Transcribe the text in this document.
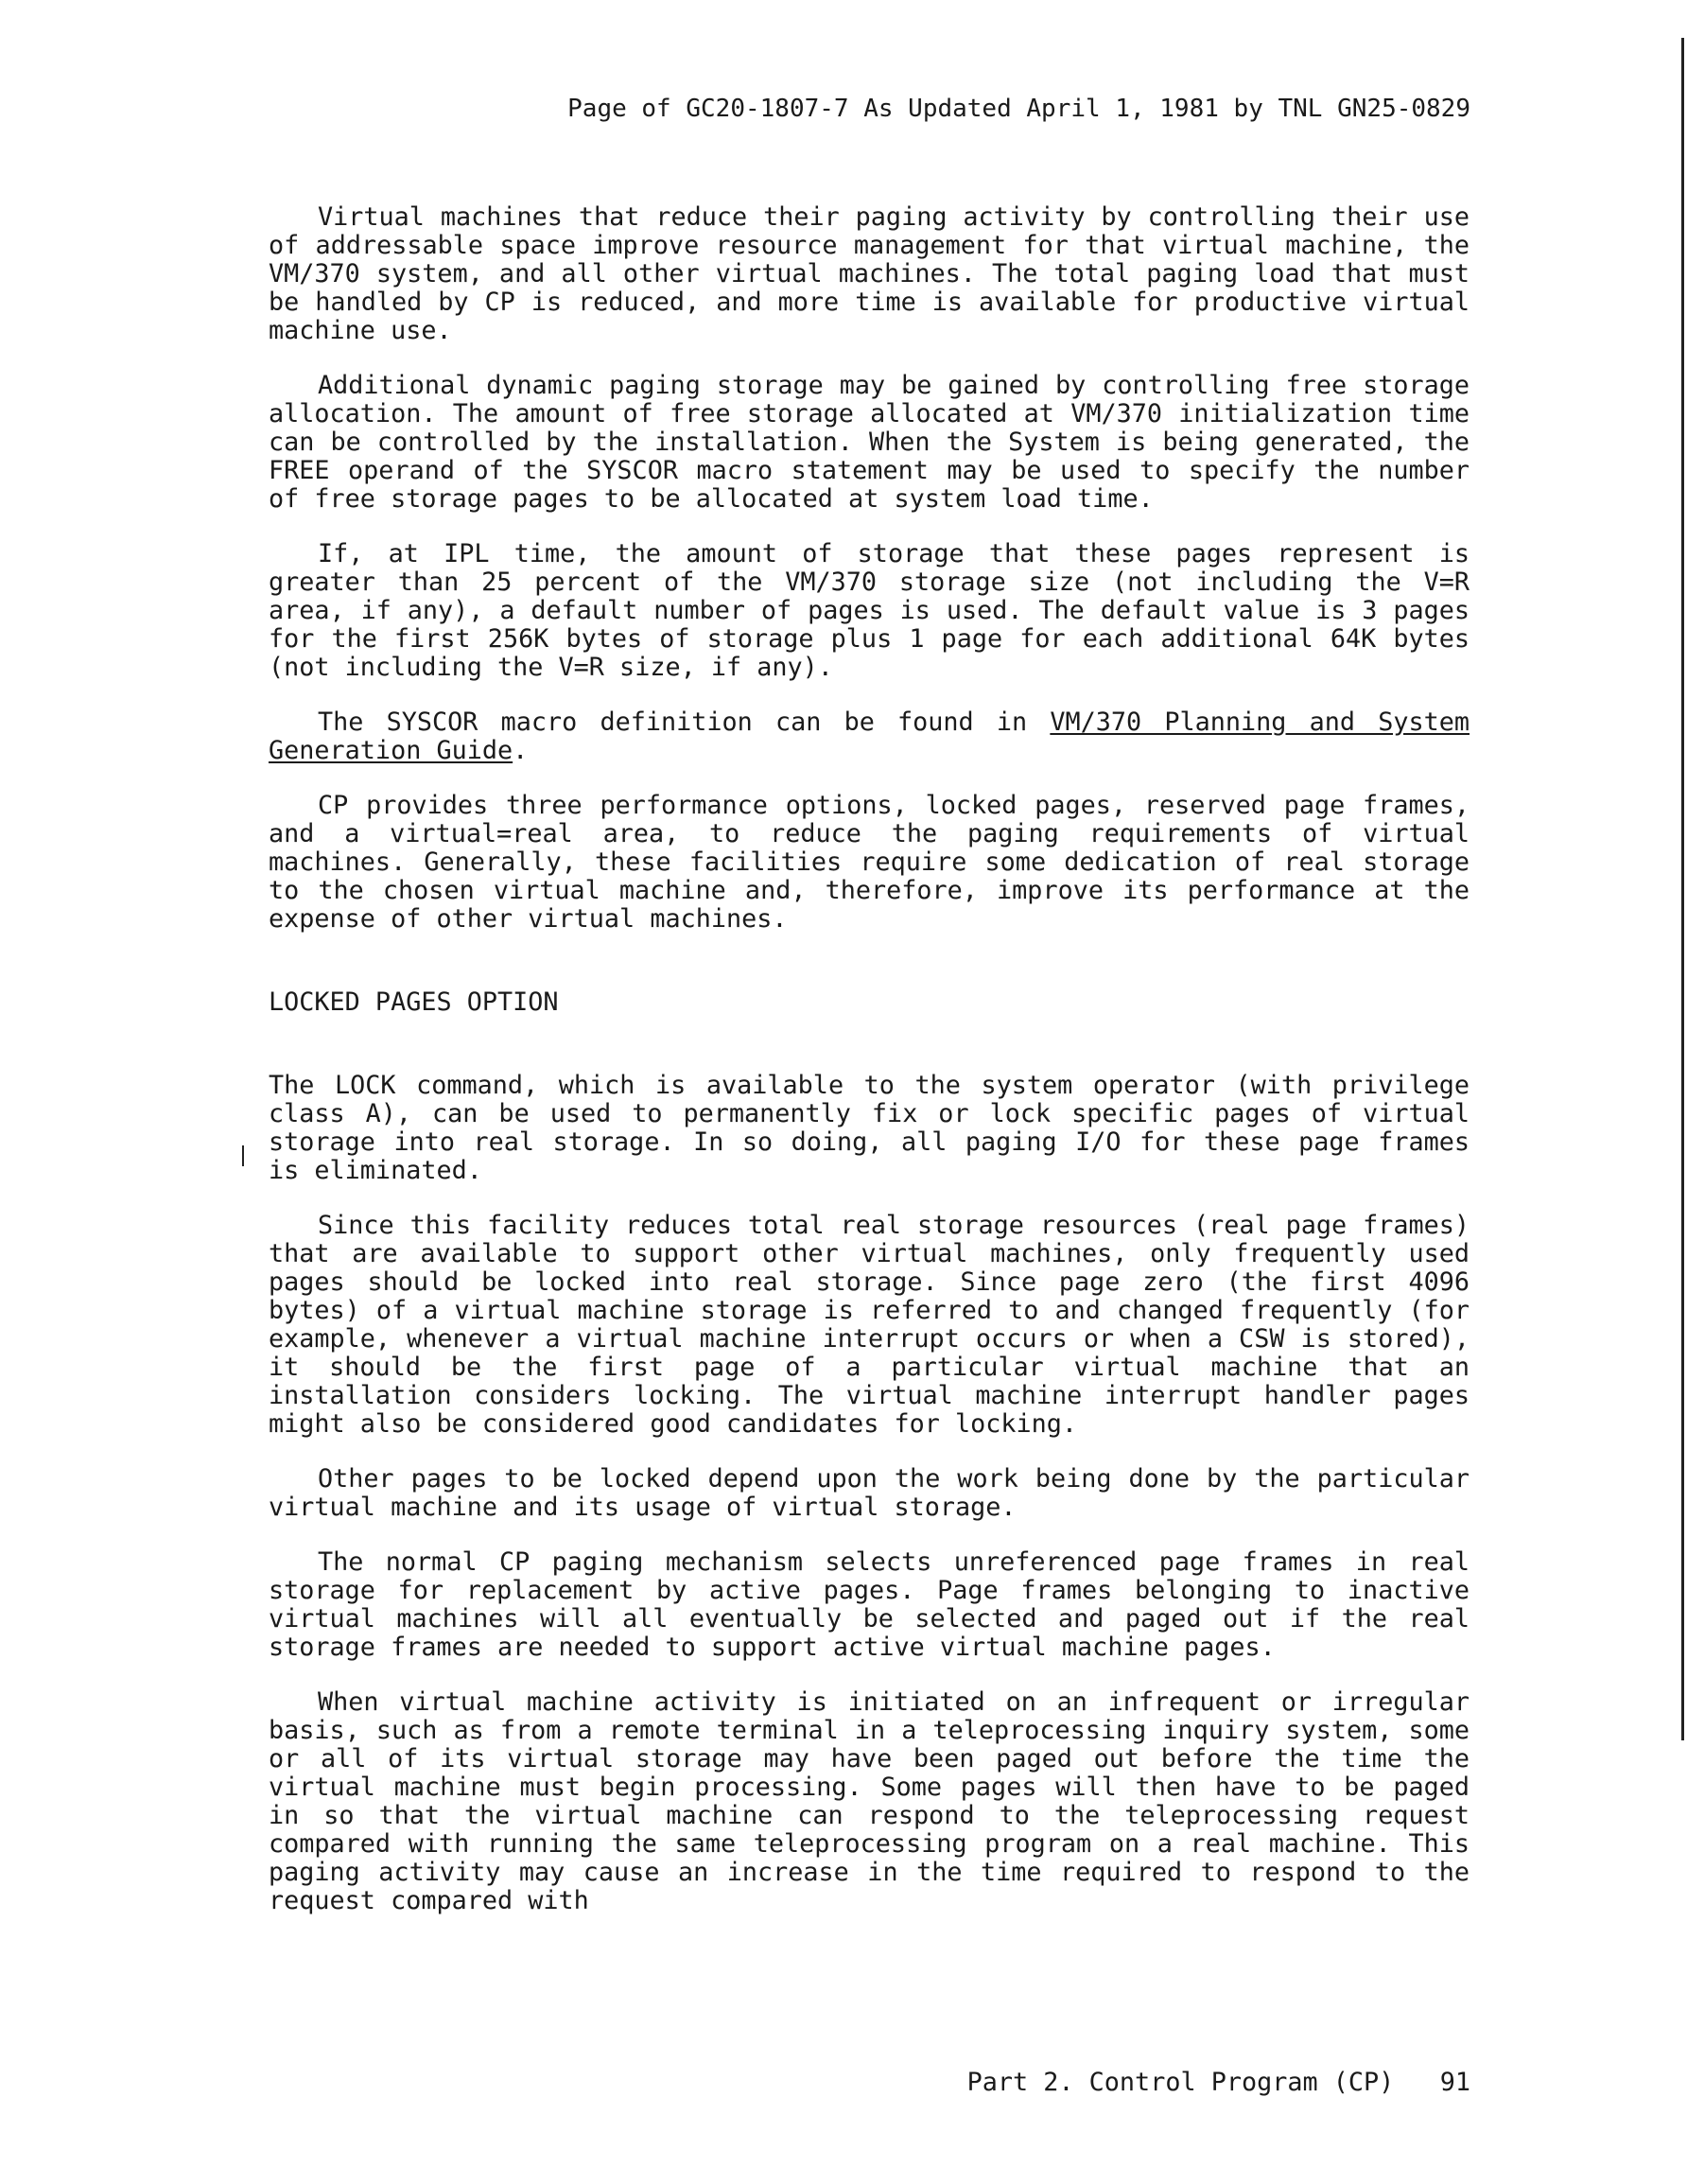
Page of GC20-1807-7 As Updated April 1, 1981 by TNL GN25-0829

Virtual machines that reduce their paging activity by controlling their use of addressable space improve resource management for that virtual machine, the VM/370 system, and all other virtual machines. The total paging load that must be handled by CP is reduced, and more time is available for productive virtual machine use.

Additional dynamic paging storage may be gained by controlling free storage allocation. The amount of free storage allocated at VM/370 initialization time can be controlled by the installation. When the System is being generated, the FREE operand of the SYSCOR macro statement may be used to specify the number of free storage pages to be allocated at system load time.

If, at IPL time, the amount of storage that these pages represent is greater than 25 percent of the VM/370 storage size (not including the V=R area, if any), a default number of pages is used. The default value is 3 pages for the first 256K bytes of storage plus 1 page for each additional 64K bytes (not including the V=R size, if any).

The SYSCOR macro definition can be found in VM/370 Planning and System Generation Guide.

CP provides three performance options, locked pages, reserved page frames, and a virtual=real area, to reduce the paging requirements of virtual machines. Generally, these facilities require some dedication of real storage to the chosen virtual machine and, therefore, improve its performance at the expense of other virtual machines.

LOCKED PAGES OPTION

The LOCK command, which is available to the system operator (with privilege class A), can be used to permanently fix or lock specific pages of virtual storage into real storage. In so doing, all paging I/O for these page frames is eliminated.

Since this facility reduces total real storage resources (real page frames) that are available to support other virtual machines, only frequently used pages should be locked into real storage. Since page zero (the first 4096 bytes) of a virtual machine storage is referred to and changed frequently (for example, whenever a virtual machine interrupt occurs or when a CSW is stored), it should be the first page of a particular virtual machine that an installation considers locking. The virtual machine interrupt handler pages might also be considered good candidates for locking.

Other pages to be locked depend upon the work being done by the particular virtual machine and its usage of virtual storage.

The normal CP paging mechanism selects unreferenced page frames in real storage for replacement by active pages. Page frames belonging to inactive virtual machines will all eventually be selected and paged out if the real storage frames are needed to support active virtual machine pages.

When virtual machine activity is initiated on an infrequent or irregular basis, such as from a remote terminal in a teleprocessing inquiry system, some or all of its virtual storage may have been paged out before the time the virtual machine must begin processing. Some pages will then have to be paged in so that the virtual machine can respond to the teleprocessing request compared with running the same teleprocessing program on a real machine. This paging activity may cause an increase in the time required to respond to the request compared with

Part 2. Control Program (CP)   91
